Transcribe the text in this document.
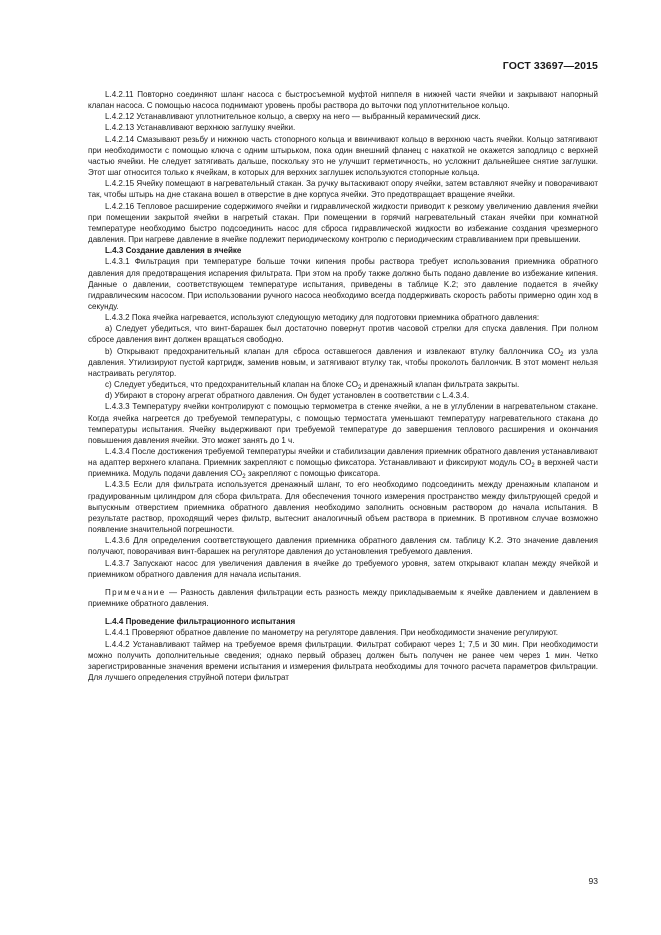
ГОСТ 33697—2015

L.4.2.11 Повторно соединяют шланг насоса с быстросъемной муфтой ниппеля в нижней части ячейки и закрывают напорный клапан насоса. С помощью насоса поднимают уровень пробы раствора до выточки под уплотнительное кольцо.

L.4.2.12 Устанавливают уплотнительное кольцо, а сверху на него — выбранный керамический диск.

L.4.2.13 Устанавливают верхнюю заглушку ячейки.

L.4.2.14 Смазывают резьбу и нижнюю часть стопорного кольца и ввинчивают кольцо в верхнюю часть ячейки. Кольцо затягивают при необходимости с помощью ключа с одним штырьком, пока один внешний фланец с накаткой не окажется заподлицо с верхней частью ячейки. Не следует затягивать дальше, поскольку это не улучшит герметичность, но усложнит дальнейшее снятие заглушки. Этот шаг относится только к ячейкам, в которых для верхних заглушек используются стопорные кольца.

L.4.2.15 Ячейку помещают в нагревательный стакан. За ручку вытаскивают опору ячейки, затем вставляют ячейку и поворачивают так, чтобы штырь на дне стакана вошел в отверстие в дне корпуса ячейки. Это предотвращает вращение ячейки.

L.4.2.16 Тепловое расширение содержимого ячейки и гидравлической жидкости приводит к резкому увеличению давления ячейки при помещении закрытой ячейки в нагретый стакан. При помещении в горячий нагревательный стакан ячейки при комнатной температуре необходимо быстро подсоединить насос для сброса гидравлической жидкости во избежание создания чрезмерного давления. При нагреве давление в ячейке подлежит периодическому контролю с периодическим стравливанием при превышении.

L.4.3 Создание давления в ячейке

L.4.3.1 Фильтрация при температуре больше точки кипения пробы раствора требует использования приемника обратного давления для предотвращения испарения фильтрата. При этом на пробу также должно быть подано давление во избежание кипения. Данные о давлении, соответствующем температуре испытания, приведены в таблице K.2; это давление подается в ячейку гидравлическим насосом. При использовании ручного насоса необходимо всегда поддерживать скорость работы примерно один ход в секунду.

L.4.3.2 Пока ячейка нагревается, используют следующую методику для подготовки приемника обратного давления:

a) Следует убедиться, что винт-барашек был достаточно повернут против часовой стрелки для спуска давления. При полном сбросе давления винт должен вращаться свободно.

b) Открывают предохранительный клапан для сброса оставшегося давления и извлекают втулку баллончика $CO_2$ из узла давления. Утилизируют пустой картридж, заменив новым, и затягивают втулку так, чтобы проколоть баллончик. В этот момент нельзя настраивать регулятор.

c) Следует убедиться, что предохранительный клапан на блоке $CO_2$ и дренажный клапан фильтрата закрыты.

d) Убирают в сторону агрегат обратного давления. Он будет установлен в соответствии с L.4.3.4.

L.4.3.3 Температуру ячейки контролируют с помощью термометра в стенке ячейки, а не в углублении в нагревательном стакане. Когда ячейка нагреется до требуемой температуры, с помощью термостата уменьшают температуру нагревательного стакана до температуры испытания. Ячейку выдерживают при требуемой температуре до завершения теплового расширения и окончания повышения давления ячейки. Это может занять до 1 ч.

L.4.3.4 После достижения требуемой температуры ячейки и стабилизации давления приемник обратного давления устанавливают на адаптер верхнего клапана. Приемник закрепляют с помощью фиксатора. Устанавливают и фиксируют модуль $CO_2$ в верхней части приемника. Модуль подачи давления $CO_2$ закрепляют с помощью фиксатора.

L.4.3.5 Если для фильтрата используется дренажный шланг, то его необходимо подсоединить между дренажным клапаном и градуированным цилиндром для сбора фильтрата. Для обеспечения точного измерения пространство между фильтрующей средой и выпускным отверстием приемника обратного давления необходимо заполнить основным раствором до начала испытания. В результате раствор, проходящий через фильтр, вытеснит аналогичный объем раствора в приемник. В противном случае возможно появление значительной погрешности.

L.4.3.6 Для определения соответствующего давления приемника обратного давления см. таблицу K.2. Это значение давления получают, поворачивая винт-барашек на регуляторе давления до установления требуемого давления.

L.4.3.7 Запускают насос для увеличения давления в ячейке до требуемого уровня, затем открывают клапан между ячейкой и приемником обратного давления для начала испытания.

Примечание — Разность давления фильтрации есть разность между прикладываемым к ячейке давлением и давлением в приемнике обратного давления.

L.4.4 Проведение фильтрационного испытания

L.4.4.1 Проверяют обратное давление по манометру на регуляторе давления. При необходимости значение регулируют.

L.4.4.2 Устанавливают таймер на требуемое время фильтрации. Фильтрат собирают через 1; 7,5 и 30 мин. При необходимости можно получить дополнительные сведения; однако первый образец должен быть получен не ранее чем через 1 мин. Четко зарегистрированные значения времени испытания и измерения фильтрата необходимы для точного расчета параметров фильтрации. Для лучшего определения струйной потери фильтрат

93
